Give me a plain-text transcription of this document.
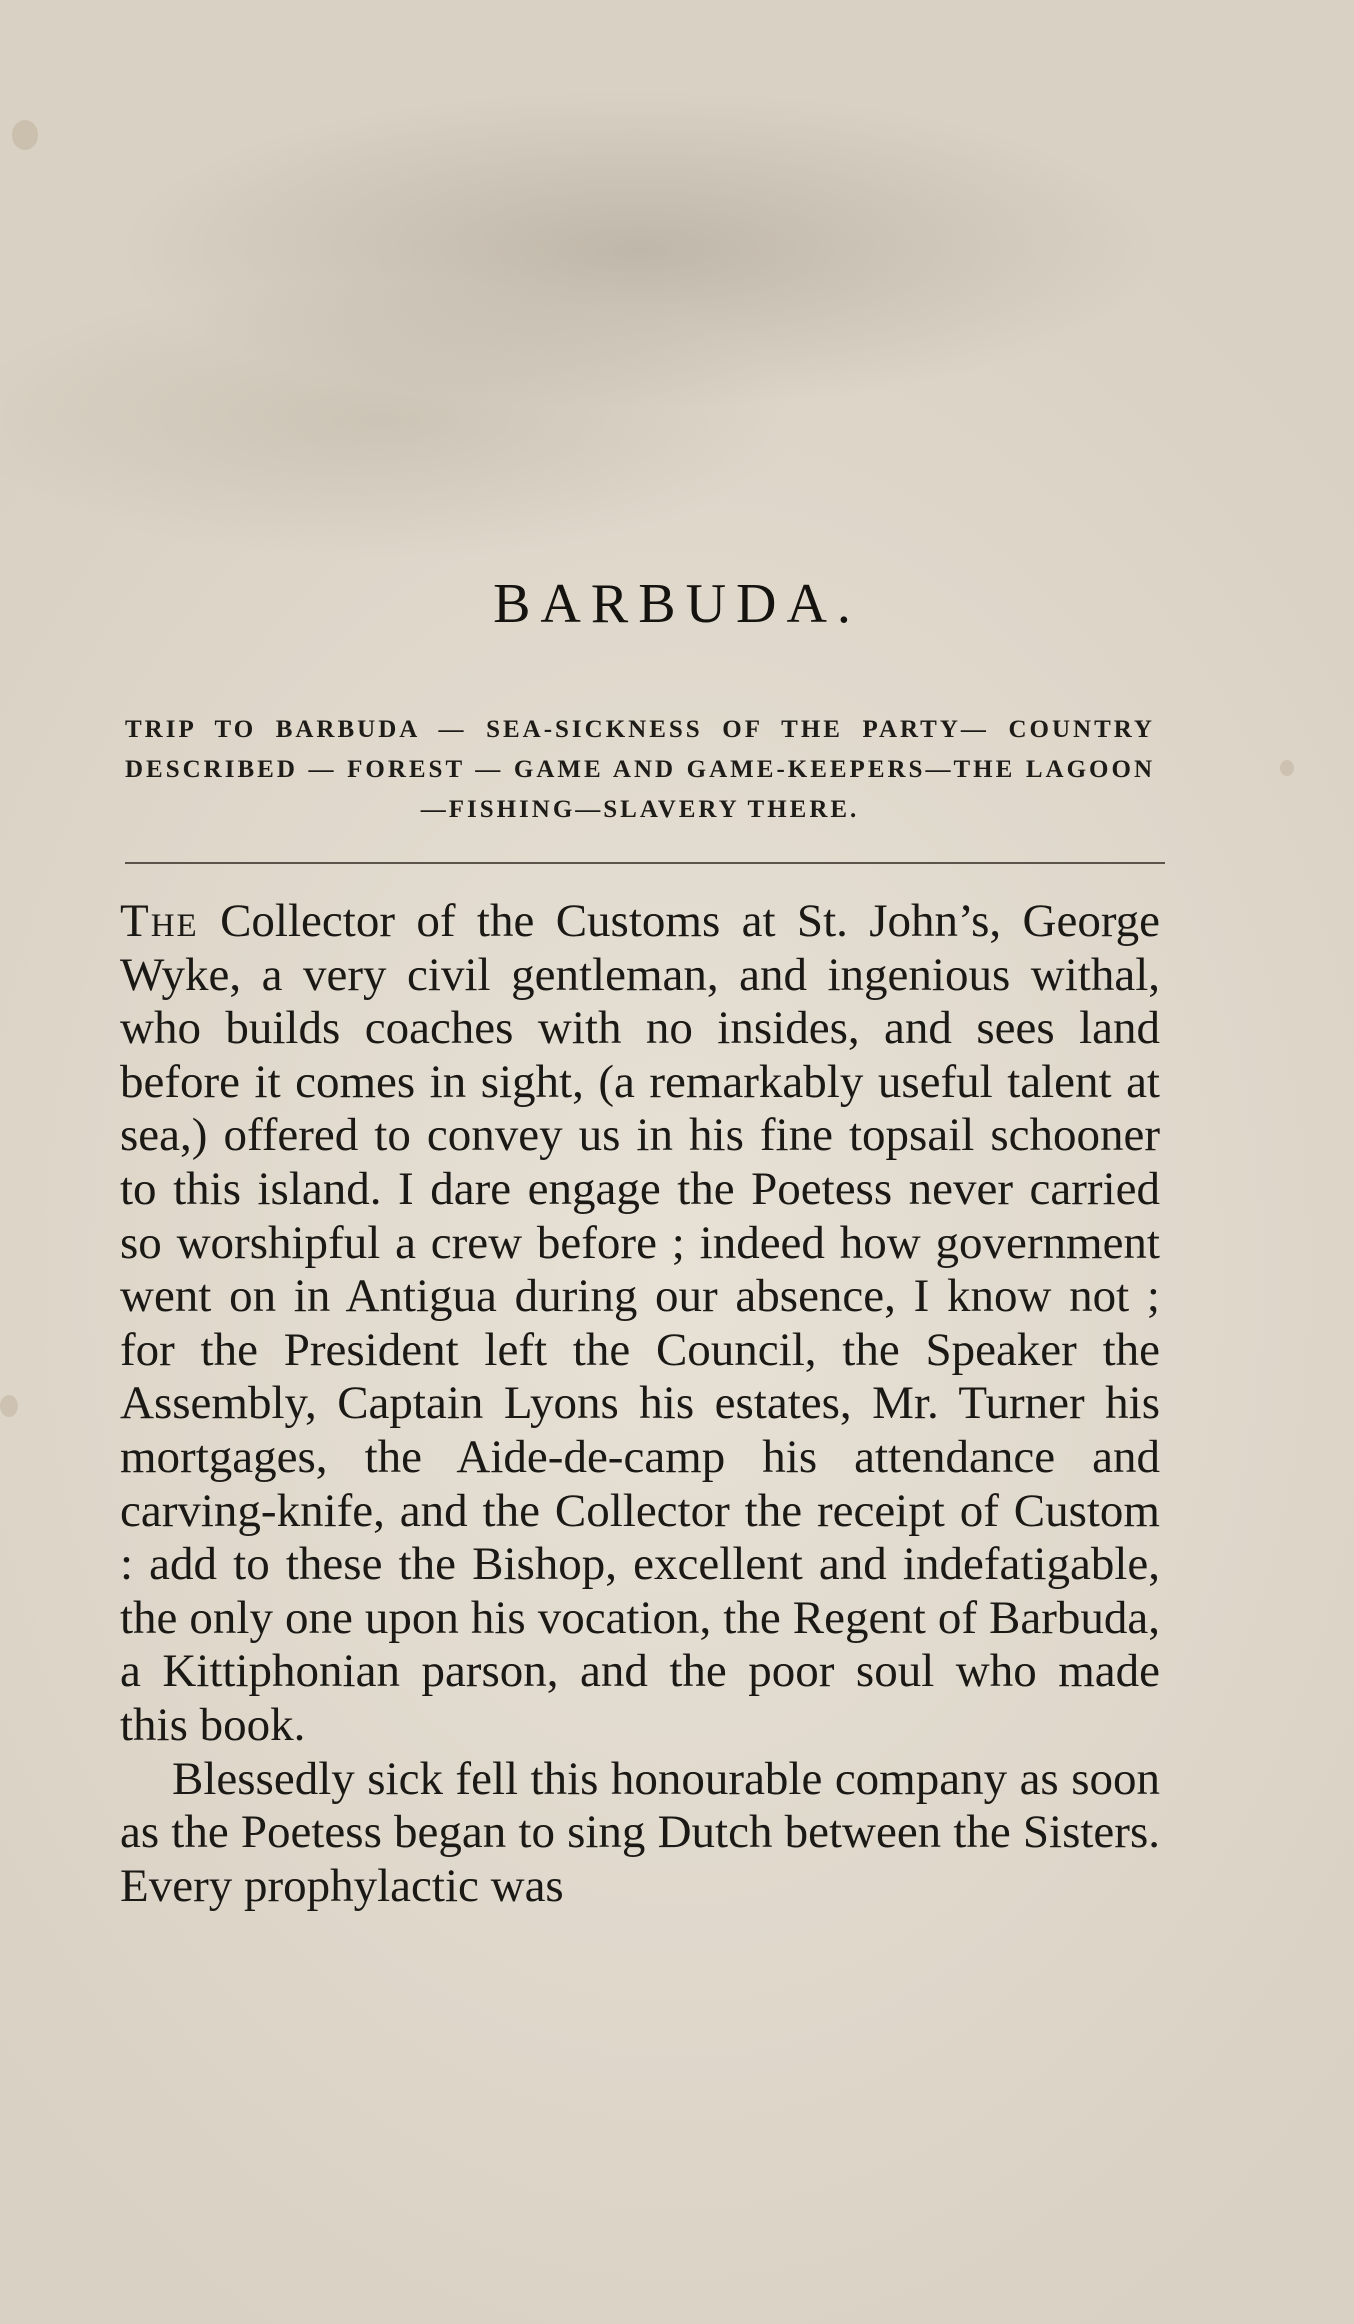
BARBUDA.
TRIP TO BARBUDA — SEA-SICKNESS OF THE PARTY— COUNTRY DESCRIBED — FOREST — GAME AND GAME-KEEPERS—THE LAGOON—FISHING—SLAVERY THERE.

The Collector of the Customs at St. John’s, George Wyke, a very civil gentleman, and ingenious withal, who builds coaches with no insides, and sees land before it comes in sight, (a remarkably useful talent at sea,) offered to convey us in his fine topsail schooner to this island. I dare engage the Poetess never carried so worshipful a crew before ; indeed how government went on in Antigua during our absence, I know not ; for the President left the Council, the Speaker the Assembly, Captain Lyons his estates, Mr. Turner his mortgages, the Aide-de-camp his attendance and carving-knife, and the Collector the receipt of Custom : add to these the Bishop, excellent and indefatigable, the only one upon his vocation, the Regent of Barbuda, a Kittiphonian parson, and the poor soul who made this book.

Blessedly sick fell this honourable company as soon as the Poetess began to sing Dutch between the Sisters. Every prophylactic was
